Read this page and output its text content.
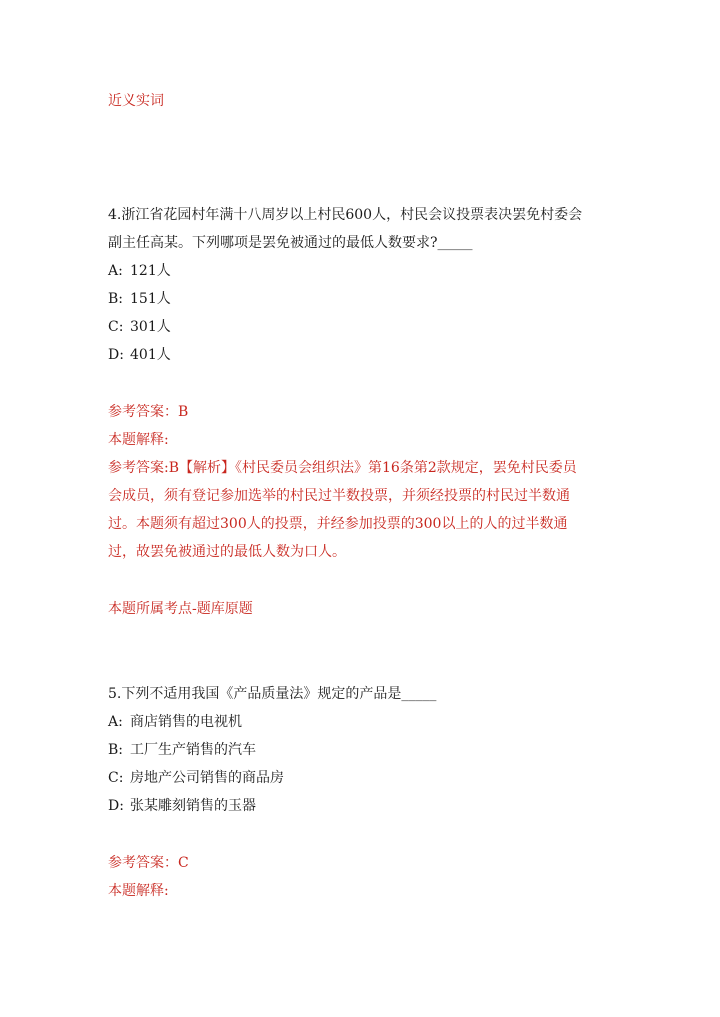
近义实词
4.浙江省花园村年满十八周岁以上村民600人，村民会议投票表决罢免村委会
副主任高某。下列哪项是罢免被通过的最低人数要求?_____
A: 121人
B: 151人
C: 301人
D: 401人
参考答案：B
本题解释:
参考答案:B【解析】《村民委员会组织法》第16条第2款规定，罢免村民委员
会成员，须有登记参加选举的村民过半数投票，并须经投票的村民过半数通
过。本题须有超过300人的投票，并经参加投票的300以上的人的过半数通
过，故罢免被通过的最低人数为口人。
本题所属考点-题库原题
5.下列不适用我国《产品质量法》规定的产品是_____
A: 商店销售的电视机
B: 工厂生产销售的汽车
C: 房地产公司销售的商品房
D: 张某雕刻销售的玉器
参考答案：C
本题解释:
